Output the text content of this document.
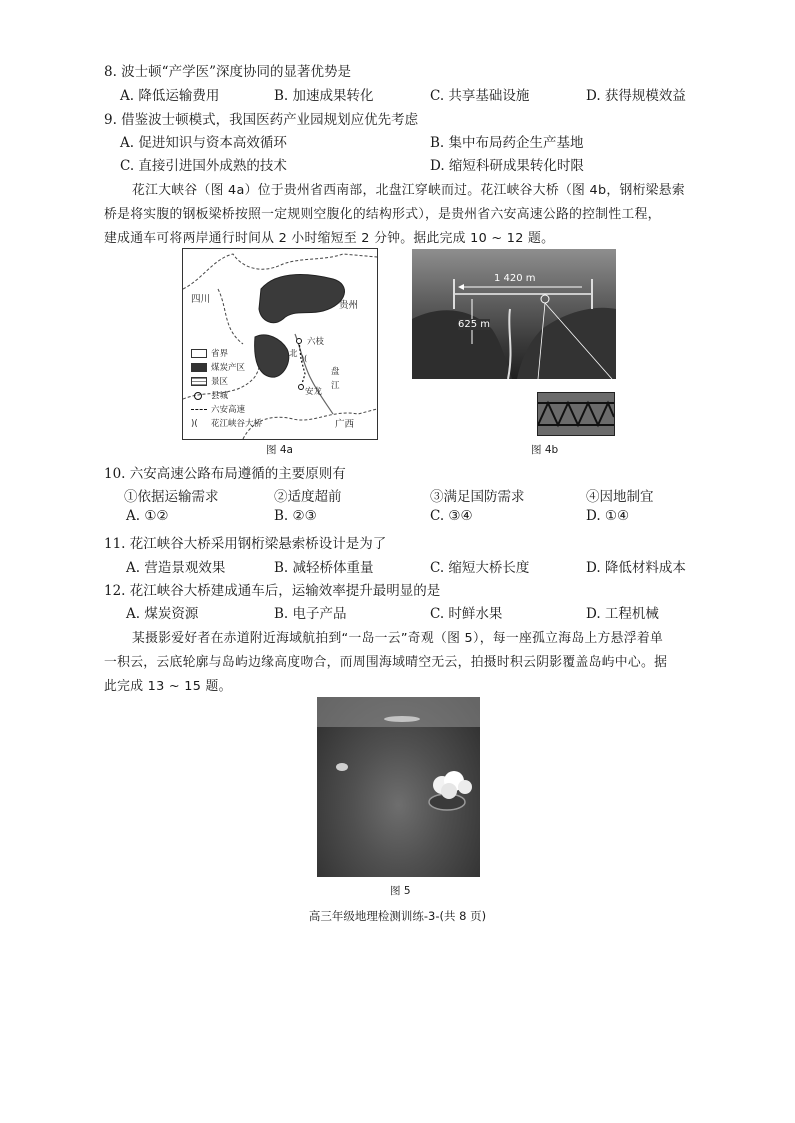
8. 波士顿“产学医”深度协同的显著优势是
A. 降低运输费用	B. 加速成果转化	C. 共享基础设施	D. 获得规模效益
9. 借鉴波士顿模式，我国医药产业园规划应优先考虑
A. 促进知识与资本高效循环	B. 集中布局药企生产基地
C. 直接引进国外成熟的技术	D. 缩短科研成果转化时限
花江大峡谷（图 4a）位于贵州省西南部，北盘江穿峡而过。花江峡谷大桥（图 4b，钢桁梁悬索
桥是将实腹的钢板梁桥按照一定规则空腹化的结构形式），是贵州省六安高速公路的控制性工程，
建成通车可将两岸通行时间从 2 小时缩短至 2 分钟。据此完成 10 ~ 12 题。
)(
四川
贵州
广西
六枝
安龙
北
盘
江
省界
煤炭产区
景区
县城
六安高速
)( 花江峡谷大桥
图 4a
1 420 m
625 m
图 4b
10. 六安高速公路布局遵循的主要原则有
①依据运输需求	②适度超前	③满足国防需求	④因地制宜
A. ①②	B. ②③	C. ③④	D. ①④
11. 花江峡谷大桥采用钢桁梁悬索桥设计是为了
A. 营造景观效果	B. 减轻桥体重量	C. 缩短大桥长度	D. 降低材料成本
12. 花江峡谷大桥建成通车后，运输效率提升最明显的是
A. 煤炭资源	B. 电子产品	C. 时鲜水果	D. 工程机械
某摄影爱好者在赤道附近海域航拍到“一岛一云”奇观（图 5），每一座孤立海岛上方悬浮着单
一积云，云底轮廓与岛屿边缘高度吻合，而周围海域晴空无云，拍摄时积云阴影覆盖岛屿中心。据
此完成 13 ~ 15 题。
图 5
高三年级地理检测训练-3-(共 8 页)
